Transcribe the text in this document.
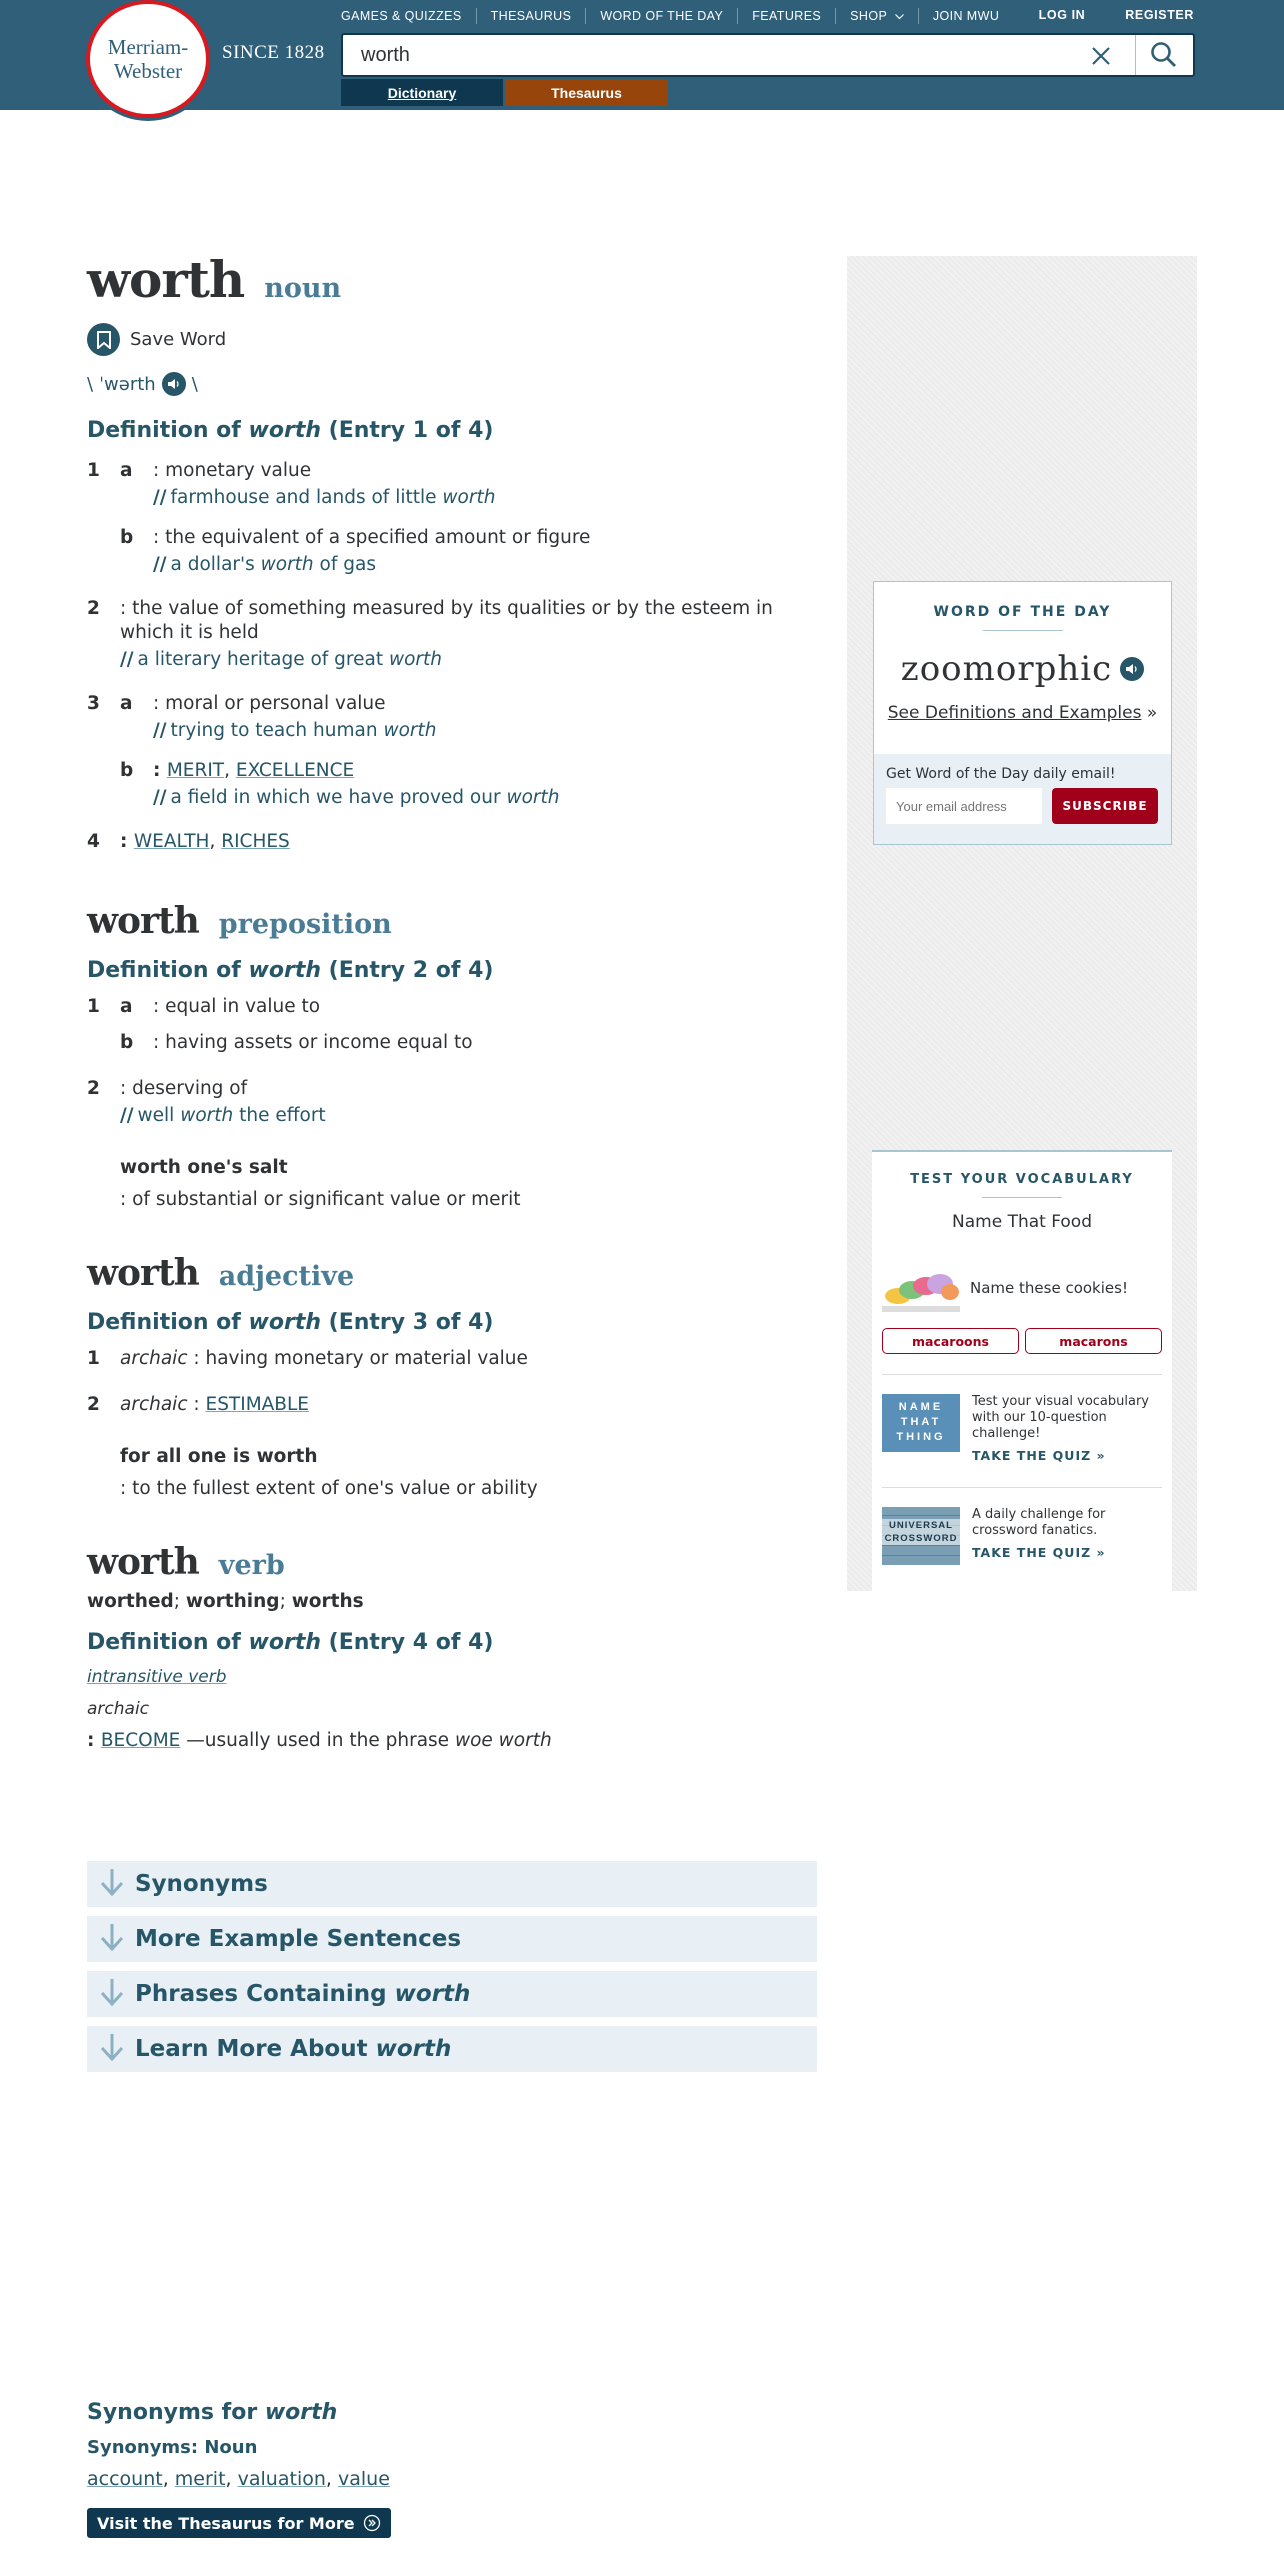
Merriam-
Webster
SINCE 1828
GAMES & QUIZZES	THESAURUS	WORD OF THE DAY	FEATURES	SHOP	JOIN MWU	LOG IN	REGISTER
worth
Dictionary	Thesaurus
worth noun
Save Word
\ ˈwərth \
Definition of worth (Entry 1 of 4)
1 a : monetary value
// farmhouse and lands of little worth
b : the equivalent of a specified amount or figure
// a dollar's worth of gas
2 : the value of something measured by its qualities or by the esteem in which it is held
// a literary heritage of great worth
3 a : moral or personal value
// trying to teach human worth
b : MERIT, EXCELLENCE
// a field in which we have proved our worth
4	: WEALTH, RICHES
worth preposition
Definition of worth (Entry 2 of 4)
1 a	: equal in value to
b	: having assets or income equal to
2 : deserving of
// well worth the effort
worth one's salt
: of substantial or significant value or merit
worth adjective
Definition of worth (Entry 3 of 4)
1	archaic : having monetary or material value
2	archaic : ESTIMABLE
for all one is worth
: to the fullest extent of one's value or ability
worth verb
worthed; worthing; worths
Definition of worth (Entry 4 of 4)
intransitive verb
archaic
: BECOME —usually used in the phrase woe worth
Synonyms
More Example Sentences
Phrases Containing worth
Learn More About worth
Synonyms for worth
Synonyms: Noun
account, merit, valuation, value
Visit the Thesaurus for More
WORD OF THE DAY
zoomorphic
See Definitions and Examples »
Get Word of the Day daily email!
Your email address
SUBSCRIBE
TEST YOUR VOCABULARY
Name That Food
Name these cookies!
macaroons	macarons
NAME
THAT
THING
Test your visual vocabulary with our 10-question challenge!
TAKE THE QUIZ »
UNIVERSAL
CROSSWORD
A daily challenge for crossword fanatics.
TAKE THE QUIZ »
